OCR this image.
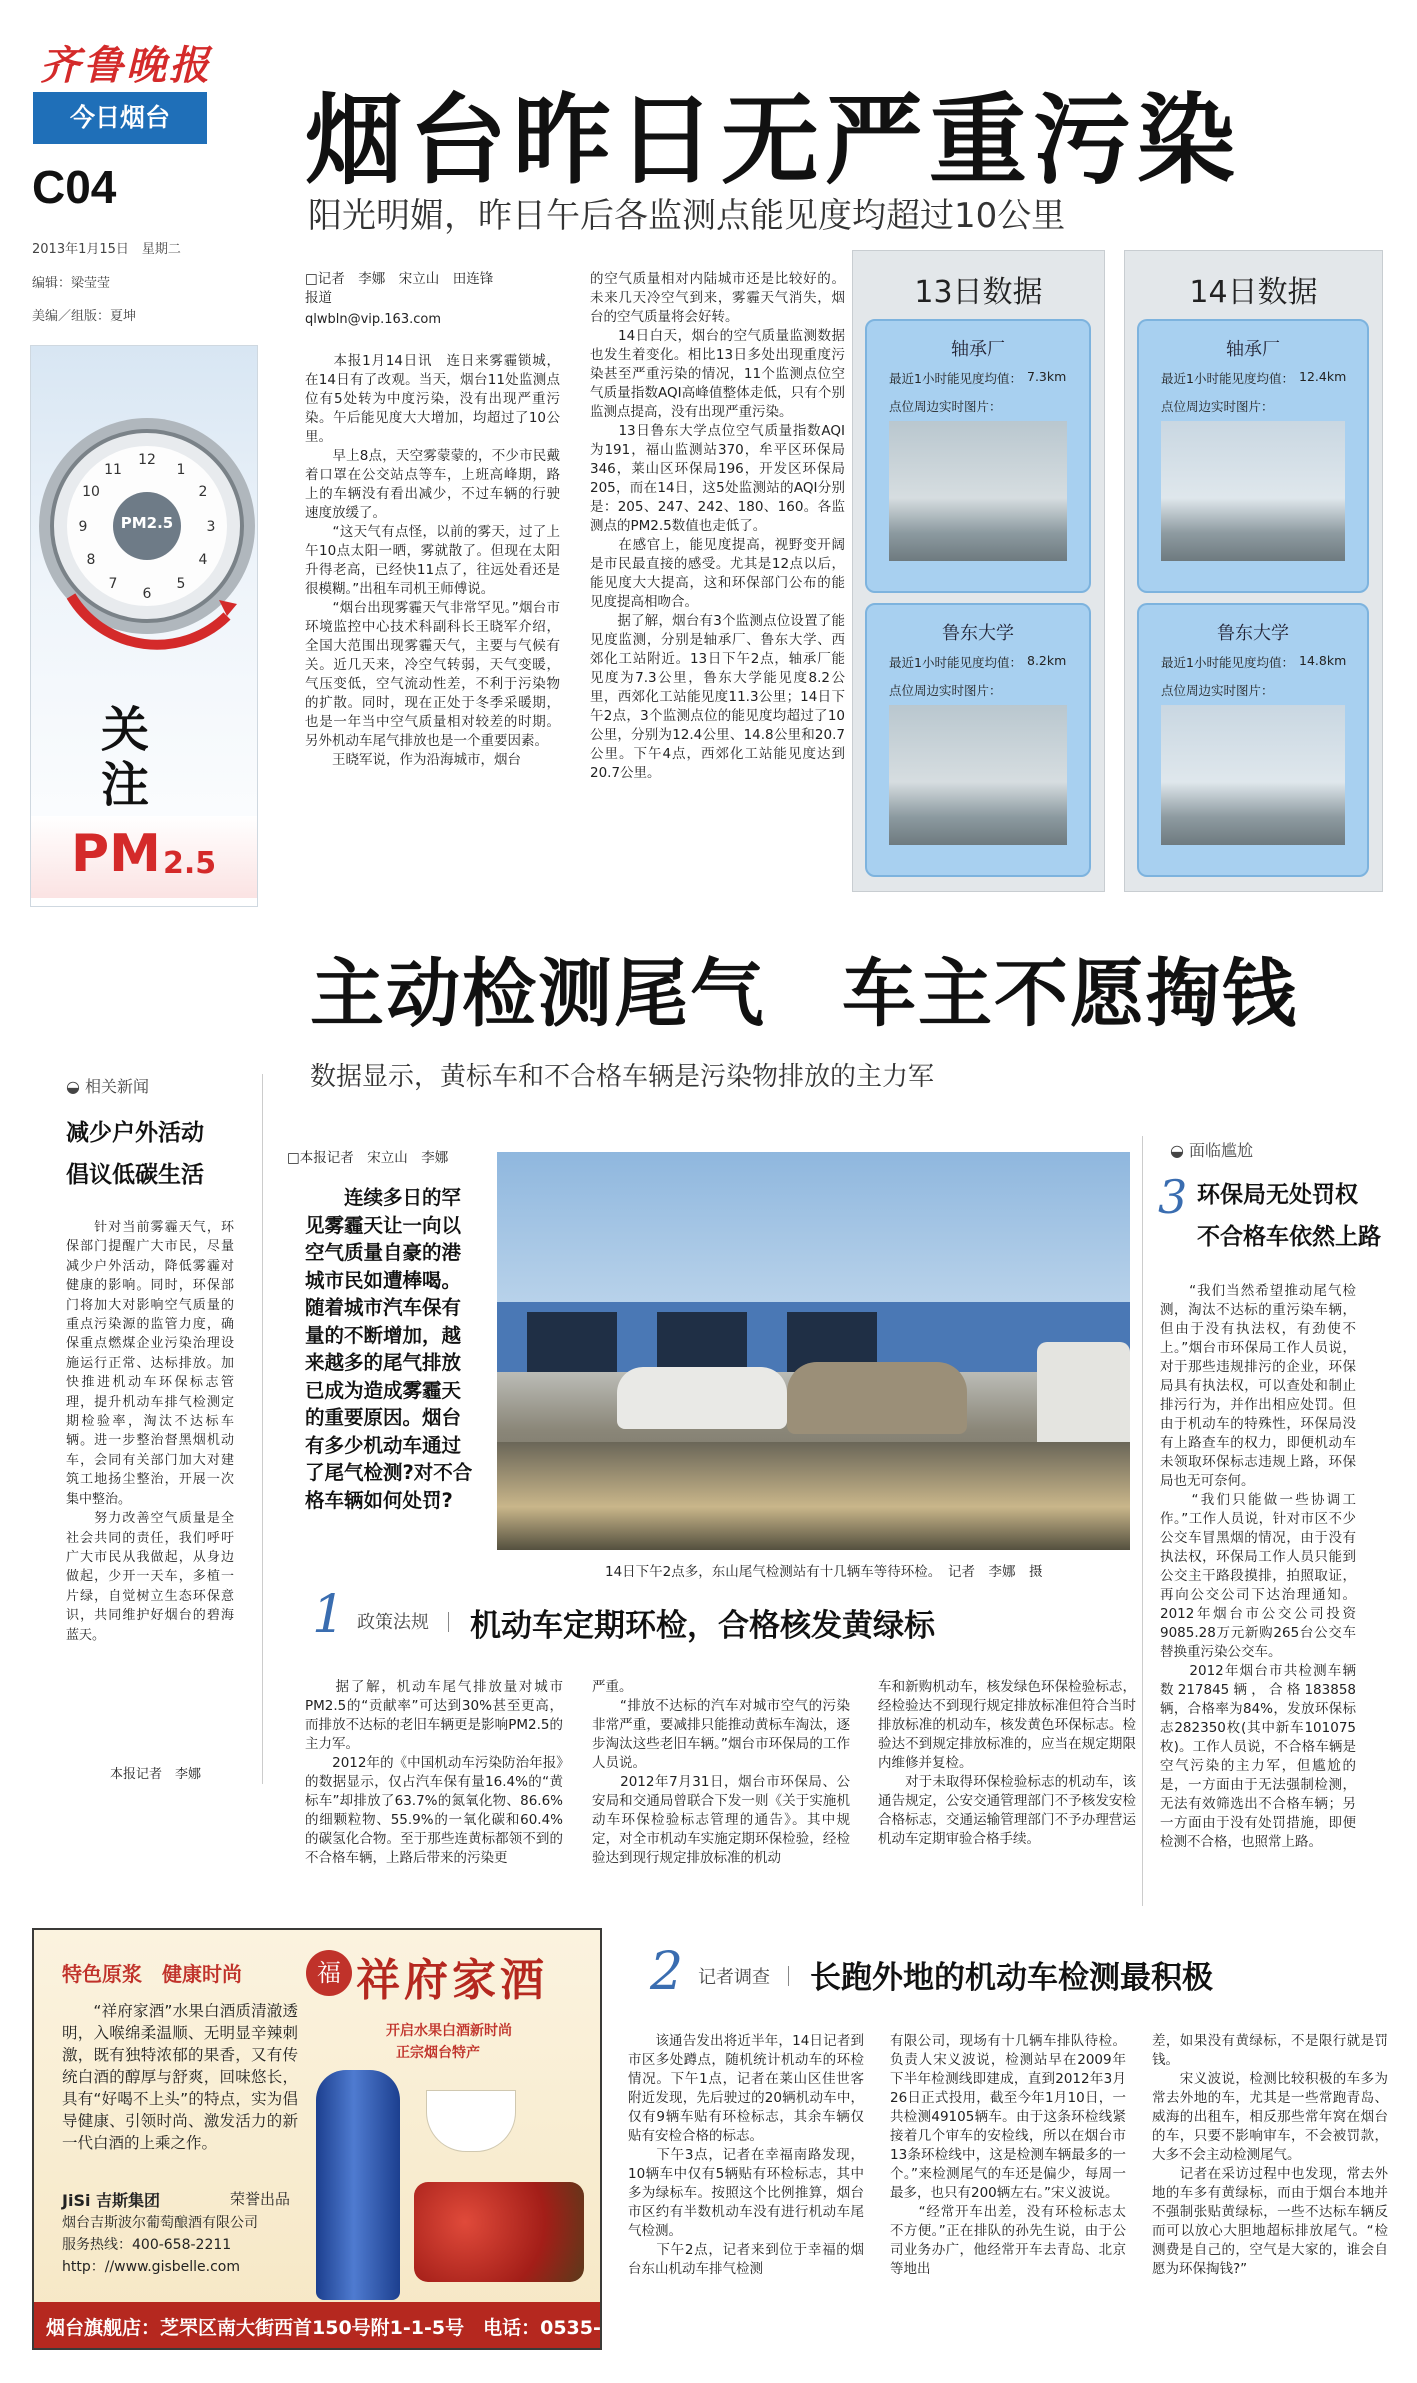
齐鲁晚报
今日烟台
C04
2013年1月15日　星期二
编辑：梁莹莹
美编／组版：夏坤
烟台昨日无严重污染
阳光明媚，昨日午后各监测点能见度均超过10公里
12
1
2
3
4
5
6
7
8
9
10
11
PM2.5
关
注
PM 2.5
□记者　李娜　宋立山　田连锋
报道
qlwbln@vip.163.com
　　本报1月14日讯　连日来雾霾锁城，在14日有了改观。当天，烟台11处监测点位有5处转为中度污染，没有出现严重污染。午后能见度大大增加，均超过了10公里。
　　早上8点，天空雾蒙蒙的，不少市民戴着口罩在公交站点等车，上班高峰期，路上的车辆没有看出减少，不过车辆的行驶速度放缓了。
　　“这天气有点怪，以前的雾天，过了上午10点太阳一晒，雾就散了。但现在太阳升得老高，已经快11点了，往远处看还是很模糊。”出租车司机王师傅说。
　　“烟台出现雾霾天气非常罕见。”烟台市环境监控中心技术科副科长王晓军介绍，全国大范围出现雾霾天气，主要与气候有关。近几天来，冷空气转弱，天气变暖，气压变低，空气流动性差，不利于污染物的扩散。同时，现在正处于冬季采暖期，也是一年当中空气质量相对较差的时期。另外机动车尾气排放也是一个重要因素。
　　王晓军说，作为沿海城市，烟台
的空气质量相对内陆城市还是比较好的。未来几天冷空气到来，雾霾天气消失，烟台的空气质量将会好转。
　　14日白天，烟台的空气质量监测数据也发生着变化。相比13日多处出现重度污染甚至严重污染的情况，11个监测点位空气质量指数AQI高峰值整体走低，只有个别监测点提高，没有出现严重污染。
　　13日鲁东大学点位空气质量指数AQI为191，福山监测站370，牟平区环保局346，莱山区环保局196，开发区环保局205，而在14日，这5处监测站的AQI分别是：205、247、242、180、160。各监测点的PM2.5数值也走低了。
　　在感官上，能见度提高，视野变开阔是市民最直接的感受。尤其是12点以后，能见度大大提高，这和环保部门公布的能见度提高相吻合。
　　据了解，烟台有3个监测点位设置了能见度监测，分别是轴承厂、鲁东大学、西郊化工站附近。13日下午2点，轴承厂能见度为7.3公里，鲁东大学能见度8.2公里，西郊化工站能见度11.3公里；14日下午2点，3个监测点位的能见度均超过了10公里，分别为12.4公里、14.8公里和20.7公里。下午4点，西郊化工站能见度达到20.7公里。
13日数据
轴承厂
最近1小时能见度均值： 7.3km
点位周边实时图片：
鲁东大学
最近1小时能见度均值： 8.2km
点位周边实时图片：
14日数据
轴承厂
最近1小时能见度均值： 12.4km
点位周边实时图片：
鲁东大学
最近1小时能见度均值： 14.8km
点位周边实时图片：
主动检测尾气　车主不愿掏钱
数据显示，黄标车和不合格车辆是污染物排放的主力军
◒ 相关新闻
减少户外活动
倡议低碳生活
　　针对当前雾霾天气，环保部门提醒广大市民，尽量减少户外活动，降低雾霾对健康的影响。同时，环保部门将加大对影响空气质量的重点污染源的监管力度，确保重点燃煤企业污染治理设施运行正常、达标排放。加快推进机动车环保标志管理，提升机动车排气检测定期检验率，淘汰不达标车辆。进一步整治督黑烟机动车，会同有关部门加大对建筑工地扬尘整治，开展一次集中整治。
　　努力改善空气质量是全社会共同的责任，我们呼吁广大市民从我做起，从身边做起，少开一天车，多植一片绿，自觉树立生态环保意识，共同维护好烟台的碧海蓝天。
本报记者　李娜
□本报记者　宋立山　李娜
连续多日的罕见雾霾天让一向以空气质量自豪的港城市民如遭棒喝。随着城市汽车保有量的不断增加，越来越多的尾气排放已成为造成雾霾天的重要原因。烟台有多少机动车通过了尾气检测?对不合格车辆如何处罚?
14日下午2点多，东山尾气检测站有十几辆车等待环检。　记者　李娜　摄
◒ 面临尴尬
3 环保局无处罚权
不合格车依然上路
　　“我们当然希望推动尾气检测，淘汰不达标的重污染车辆，但由于没有执法权，有劲使不上。”烟台市环保局工作人员说，对于那些违规排污的企业，环保局具有执法权，可以查处和制止排污行为，并作出相应处罚。但由于机动车的特殊性，环保局没有上路查车的权力，即便机动车未领取环保标志违规上路，环保局也无可奈何。
　　“我们只能做一些协调工作。”工作人员说，针对市区不少公交车冒黑烟的情况，由于没有执法权，环保局工作人员只能到公交主干路段摸排，拍照取证，再向公交公司下达治理通知。2012年烟台市公交公司投资9085.28万元新购265台公交车替换重污染公交车。
　　2012年烟台市共检测车辆数217845辆，合格183858辆，合格率为84%，发放环保标志282350枚(其中新车101075枚)。工作人员说，不合格车辆是空气污染的主力军，但尴尬的是，一方面由于无法强制检测，无法有效筛选出不合格车辆；另一方面由于没有处罚措施，即便检测不合格，也照常上路。
1 政策法规 机动车定期环检，合格核发黄绿标
　　据了解，机动车尾气排放量对城市PM2.5的“贡献率”可达到30%甚至更高，而排放不达标的老旧车辆更是影响PM2.5的主力军。
　　2012年的《中国机动车污染防治年报》的数据显示，仅占汽车保有量16.4%的“黄标车”却排放了63.7%的氮氧化物、86.6%的细颗粒物、55.9%的一氧化碳和60.4%的碳氢化合物。至于那些连黄标都领不到的不合格车辆，上路后带来的污染更
严重。
　　“排放不达标的汽车对城市空气的污染非常严重，要减排只能推动黄标车淘汰，逐步淘汰这些老旧车辆。”烟台市环保局的工作人员说。
　　2012年7月31日，烟台市环保局、公安局和交通局曾联合下发一则《关于实施机动车环保检验标志管理的通告》。其中规定，对全市机动车实施定期环保检验，经检验达到现行规定排放标准的机动
车和新购机动车，核发绿色环保检验标志，经检验达不到现行规定排放标准但符合当时排放标准的机动车，核发黄色环保标志。检验达不到规定排放标准的，应当在规定期限内维修并复检。
　　对于未取得环保检验标志的机动车，该通告规定，公安交通管理部门不予核发安检合格标志，交通运输管理部门不予办理营运机动车定期审验合格手续。
特色原浆　健康时尚	福 祥府家酒
开启水果白酒新时尚
正宗烟台特产
　　“祥府家酒”水果白酒质清澈透明，入喉绵柔温顺、无明显辛辣刺激，既有独特浓郁的果香，又有传统白酒的醇厚与舒爽，回味悠长，具有“好喝不上头”的特点，实为倡导健康、引领时尚、激发活力的新一代白酒的上乘之作。
JiSi 吉斯集团	荣誉出品
烟台吉斯波尔葡萄酿酒有限公司
服务热线：400-658-2211
http：//www.gisbelle.com
烟台旗舰店：芝罘区南大街西首150号附1-1-5号　电话：0535-6694999
2 记者调查 长跑外地的机动车检测最积极
　　该通告发出将近半年，14日记者到市区多处蹲点，随机统计机动车的环检情况。下午1点，记者在莱山区佳世客附近发现，先后驶过的20辆机动车中，仅有9辆车贴有环检标志，其余车辆仅贴有安检合格的标志。
　　下午3点，记者在幸福南路发现，10辆车中仅有5辆贴有环检标志，其中多为绿标车。按照这个比例推算，烟台市区约有半数机动车没有进行机动车尾气检测。
　　下午2点，记者来到位于幸福的烟台东山机动车排气检测
有限公司，现场有十几辆车排队待检。负责人宋义波说，检测站早在2009年下半年检测线即建成，直到2012年3月26日正式投用，截至今年1月10日，一共检测49105辆车。由于这条环检线紧接着几个审车的安检线，所以在烟台市13条环检线中，这是检测车辆最多的一个。”来检测尾气的车还是偏少，每周一最多，也只有200辆左右。”宋义波说。
　　“经常开车出差，没有环检标志太不方便。”正在排队的孙先生说，由于公司业务办广，他经常开车去青岛、北京等地出
差，如果没有黄绿标，不是限行就是罚钱。
　　宋义波说，检测比较积极的车多为常去外地的车，尤其是一些常跑青岛、威海的出租车，相反那些常年窝在烟台的车，只要不影响审车，不会被罚款，大多不会主动检测尾气。
　　记者在采访过程中也发现，常去外地的车多有黄绿标，而由于烟台本地并不强制张贴黄绿标，一些不达标车辆反而可以放心大胆地超标排放尾气。“检测费是自己的，空气是大家的，谁会自愿为环保掏钱?”
